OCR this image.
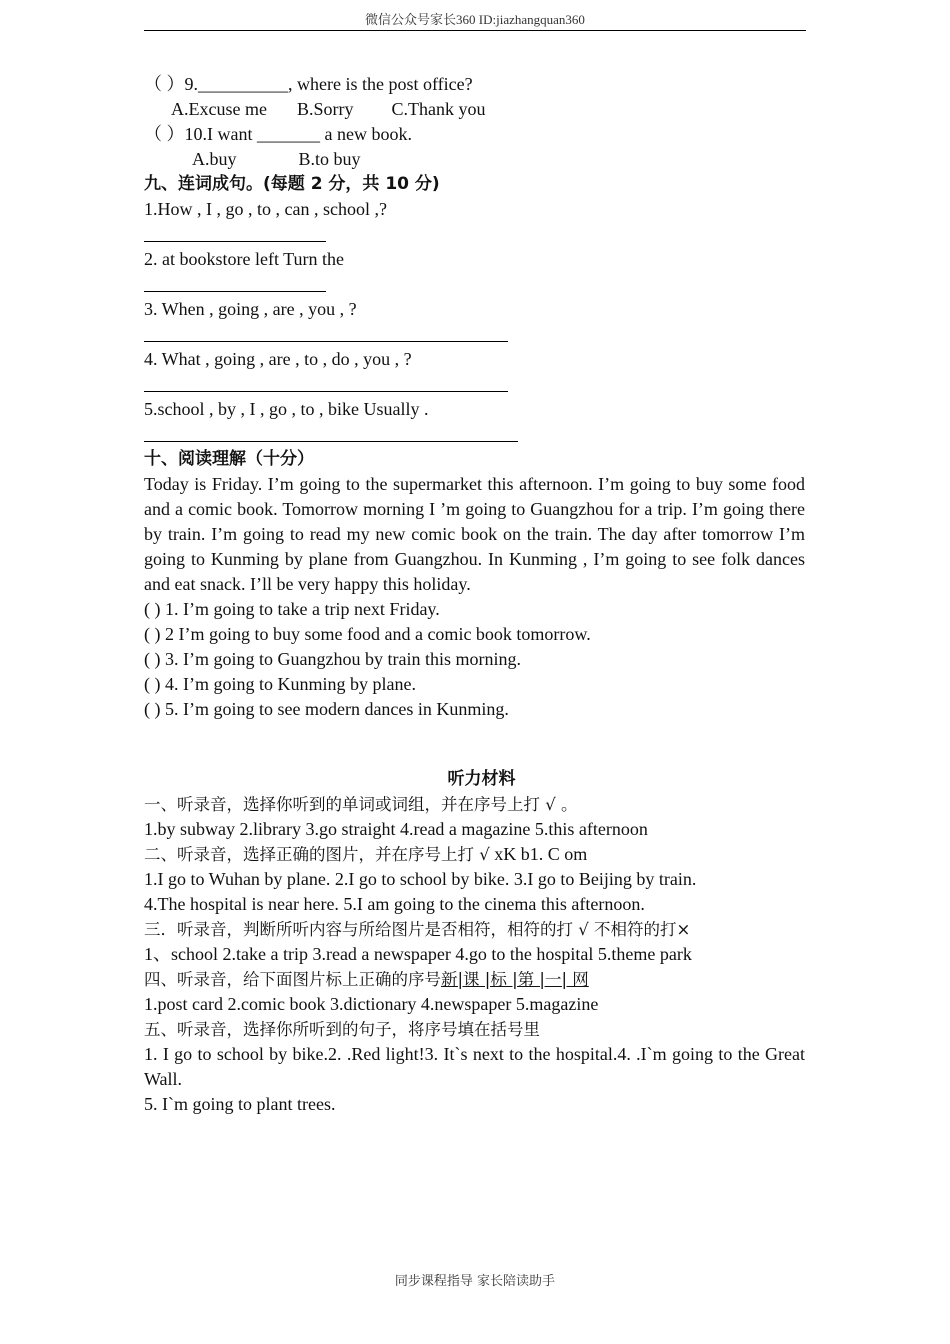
微信公众号家长360 ID:jiazhangquan360
（ ）9.__________, where is the post office?
A.Excuse me B.Sorry C.Thank you
（ ）10.I want _______ a new book.
A.buy	B.to buy
九、连词成句。(每题 2 分，共 10 分)
1.How , I , go , to , can , school ,?
2. at bookstore left Turn the
3. When , going , are , you , ?
4. What , going , are , to , do , you , ?
5.school , by , I , go , to , bike Usually .
十、阅读理解（十分）
Today is Friday. I’m going to the supermarket this afternoon. I’m going to buy some food and a comic book. Tomorrow morning I ’m going to Guangzhou for a trip. I’m going there by train. I’m going to read my new comic book on the train. The day after tomorrow I’m going to Kunming by plane from Guangzhou. In Kunming , I’m going to see folk dances and eat snack. I’ll be very happy this holiday.
( ) 1. I’m going to take a trip next Friday.
( ) 2 I’m going to buy some food and a comic book tomorrow.
( ) 3. I’m going to Guangzhou by train this morning.
( ) 4. I’m going to Kunming by plane.
( ) 5. I’m going to see modern dances in Kunming.
听力材料
一、听录音，选择你听到的单词或词组，并在序号上打 √ 。
1.by subway 2.library 3.go straight 4.read a magazine 5.this afternoon
二、听录音，选择正确的图片，并在序号上打 √ xK b1. C om
1.I go to Wuhan by plane. 2.I go to school by bike. 3.I go to Beijing by train.
4.The hospital is near here. 5.I am going to the cinema this afternoon.
三．听录音，判断所听内容与所给图片是否相符，相符的打 √ 不相符的打×
1、school 2.take a trip 3.read a newspaper 4.go to the hospital 5.theme park
四、听录音，给下面图片标上正确的序号新|课 |标 |第 |一| 网
1.post card 2.comic book 3.dictionary 4.newspaper 5.magazine
五、听录音，选择你所听到的句子，将序号填在括号里
1. I go to school by bike.2. .Red light!3. It`s next to the hospital.4. .I`m going to the Great Wall.
5. I`m going to plant trees.
同步课程指导 家长陪读助手
